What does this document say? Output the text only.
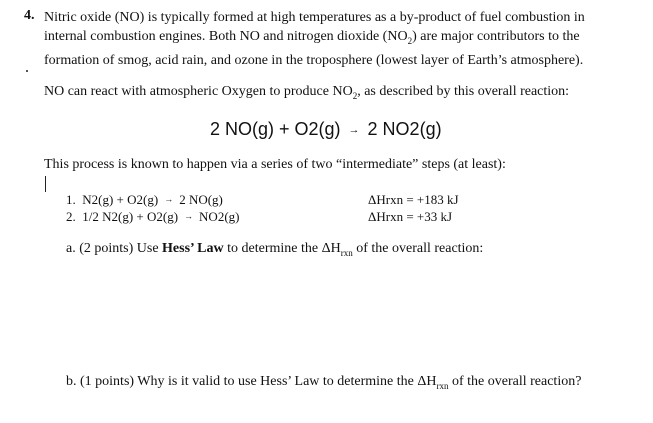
4. Nitric oxide (NO) is typically formed at high temperatures as a by-product of fuel combustion in
internal combustion engines. Both NO and nitrogen dioxide $(NO_2)$ are major contributors to the
formation of smog, acid rain, and ozone in the troposphere (lowest layer of Earth’s atmosphere).
NO can react with atmospheric Oxygen to produce $NO_2$, as described by this overall reaction:
2 NO(g) + O2(g) → 2 NO2(g)
This process is known to happen via a series of two “intermediate” steps (at least):
1. N2(g) + O2(g) → 2 NO(g)	ΔHrxn = +183 kJ
2. 1/2 N2(g) + O2(g) → NO2(g)	ΔHrxn = +33 kJ
a. (2 points) Use Hess’ Law to determine the $\Delta H_{rxn}$ of the overall reaction:
b. (1 points) Why is it valid to use Hess’ Law to determine the $\Delta H_{rxn}$ of the overall reaction?
